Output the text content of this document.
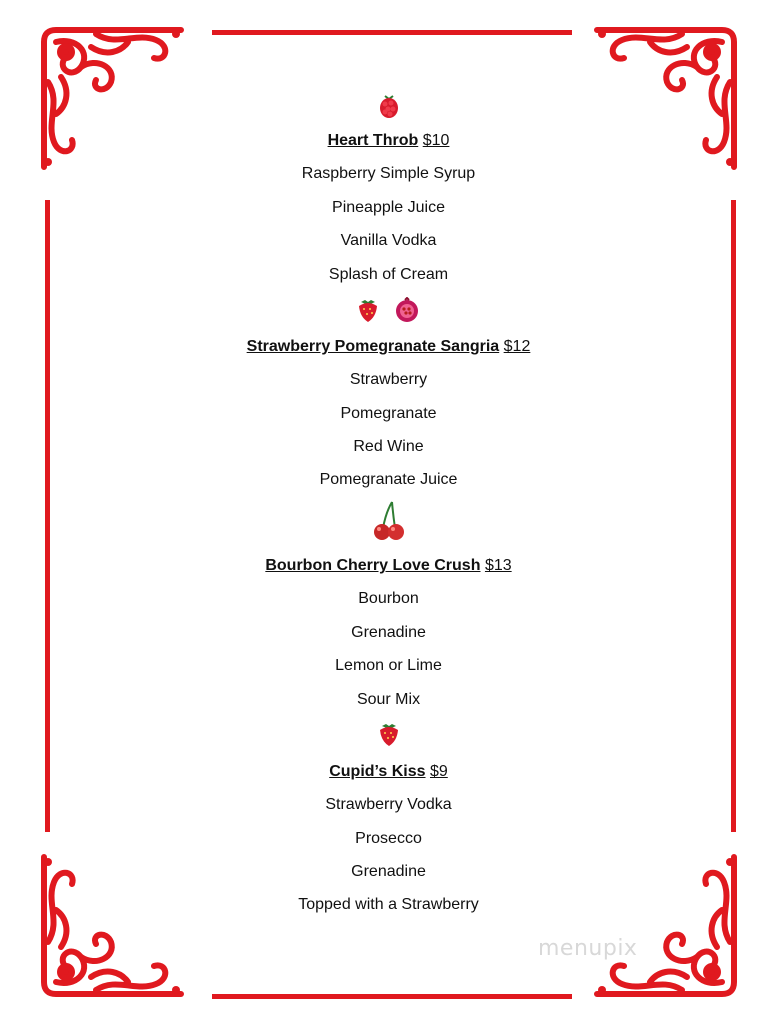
Heart Throb $10
Raspberry Simple Syrup
Pineapple Juice
Vanilla Vodka
Splash of Cream

Strawberry Pomegranate Sangria $12
Strawberry
Pomegranate
Red Wine
Pomegranate Juice
Bourbon Cherry Love Crush $13
Bourbon
Grenadine
Lemon or Lime
Sour Mix
Cupid’s Kiss $9
Strawberry Vodka
Prosecco
Grenadine
Topped with a Strawberry
menupix
